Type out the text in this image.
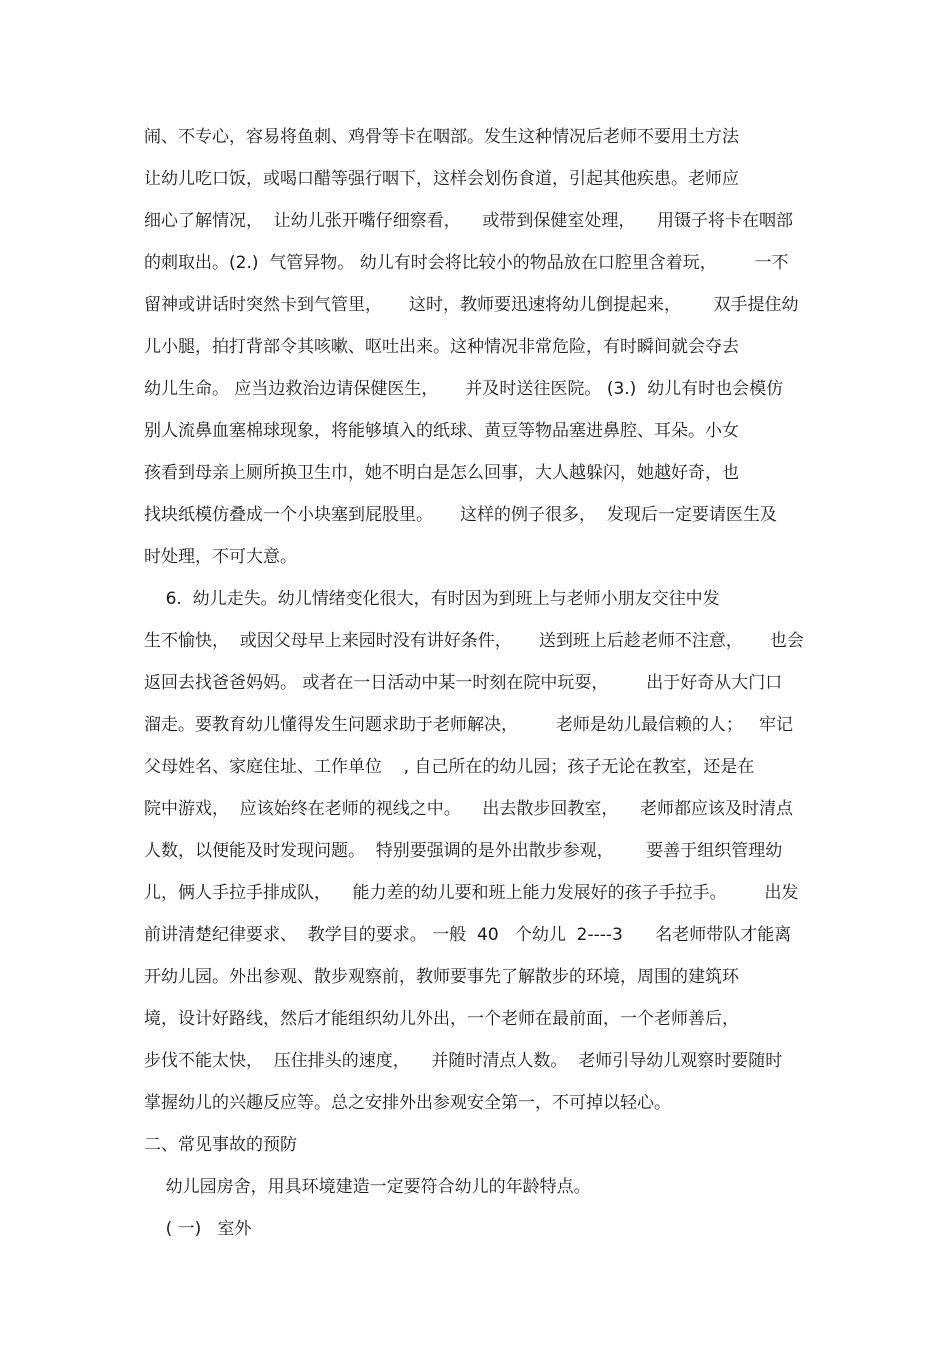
闹、不专心，容易将鱼刺、鸡骨等卡在咽部。发生这种情况后老师不要用土方法
让幼儿吃口饭，或喝口醋等强行咽下，这样会划伤食道，引起其他疾患。老师应
细心了解情况，  让幼儿张开嘴仔细察看，    或带到保健室处理，    用镊子将卡在咽部
的刺取出。(2.)  气管异物。 幼儿有时会将比较小的物品放在口腔里含着玩，       一不
留神或讲话时突然卡到气管里，     这时，教师要迅速将幼儿倒提起来，      双手提住幼
儿小腿，拍打背部令其咳嗽、呕吐出来。这种情况非常危险，有时瞬间就会夺去
幼儿生命。 应当边救治边请保健医生，     并及时送往医院。 (3.)  幼儿有时也会模仿
别人流鼻血塞棉球现象，将能够填入的纸球、黄豆等物品塞进鼻腔、耳朵。小女
孩看到母亲上厕所换卫生巾，她不明白是怎么回事，大人越躲闪，她越好奇，也
找块纸模仿叠成一个小块塞到屁股里。     这样的例子很多，  发现后一定要请医生及
时处理，不可大意。
6.  幼儿走失。幼儿情绪变化很大，有时因为到班上与老师小朋友交往中发
生不愉快，  或因父母早上来园时没有讲好条件，     送到班上后趁老师不注意，     也会
返回去找爸爸妈妈。 或者在一日活动中某一时刻在院中玩耍，       出于好奇从大门口
溜走。要教育幼儿懂得发生问题求助于老师解决，       老师是幼儿最信赖的人；   牢记
父母姓名、家庭住址、工作单位    , 自己所在的幼儿园；孩子无论在教室，还是在
院中游戏，  应该始终在老师的视线之中。    出去散步回教室，    老师都应该及时清点
人数，以便能及时发现问题。  特别要强调的是外出散步参观，      要善于组织管理幼
儿，俩人手拉手排成队，    能力差的幼儿要和班上能力发展好的孩子手拉手。       出发
前讲清楚纪律要求、  教学目的要求。 一般  40   个幼儿  2----3      名老师带队才能离
开幼儿园。外出参观、散步观察前，教师要事先了解散步的环境，周围的建筑环
境，设计好路线，然后才能组织幼儿外出，一个老师在最前面，一个老师善后，
步伐不能太快，  压住排头的速度，    并随时清点人数。  老师引导幼儿观察时要随时
掌握幼儿的兴趣反应等。总之安排外出参观安全第一，不可掉以轻心。
二、常见事故的预防
幼儿园房舍，用具环境建造一定要符合幼儿的年龄特点。
( 一)   室外
